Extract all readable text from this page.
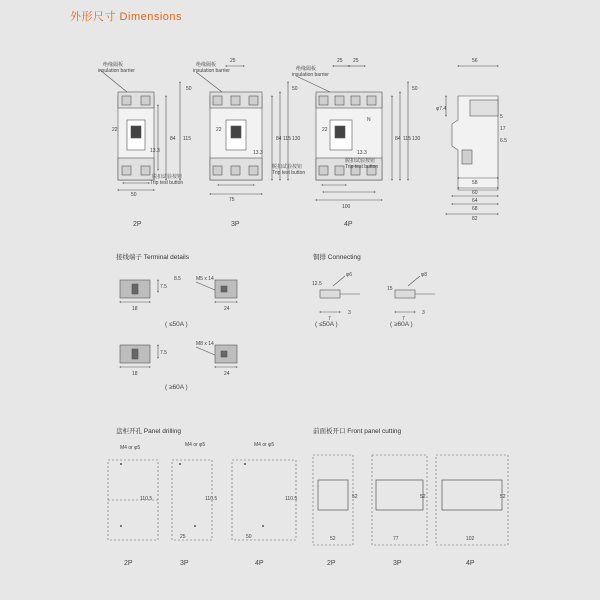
外形尺寸 Dimensions
接线端子 Terminal details	铜排 Connecting
盘柜开孔 Panel drilling	前面板开口 Front panel cutting
绝缘隔板
insulation barrier
绝缘隔板
insulation barrier	绝缘隔板
insulation barrier
脱扣试验按钮
Trip test button
脱扣试验按钮
Trip test button
脱扣试验按钮
Trip test button
50
75
100
25	25 25
22	22	22
13.3	13.3	13.3
N
50	50	50
84	84	84
115	115	115
130	130
56
58
60
64
68
82
φ7.4
5
17
6.5
2P	3P	4P
M5 x 14
M8 x 14
18	24
18	24
7.5
7.5
8.5
( ≤50A )
( ≥60A )
12.5
15
7	7
φ6	φ8
3	3
( ≤50A )	( ≥60A )
M4 or φ5	M4 or φ5	M4 or φ5
110.5	110.5	110.5
25	50
2P	3P	4P
52	52	52
52	77	102
2P	3P	4P
